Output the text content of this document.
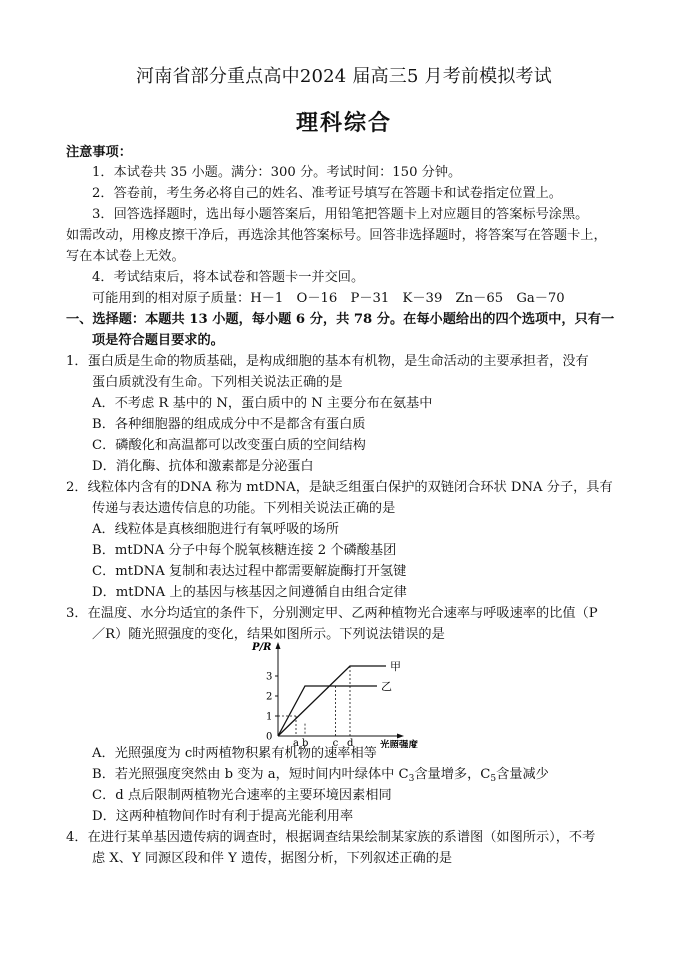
河南省部分重点高中2024 届高三5 月考前模拟考试
理科综合
注意事项：
1．本试卷共 35 小题。满分：300 分。考试时间：150 分钟。
2．答卷前，考生务必将自己的姓名、准考证号填写在答题卡和试卷指定位置上。
3．回答选择题时，选出每小题答案后，用铅笔把答题卡上对应题目的答案标号涂黑。
如需改动，用橡皮擦干净后，再选涂其他答案标号。回答非选择题时，将答案写在答题卡上，
写在本试卷上无效。
4．考试结束后，将本试卷和答题卡一并交回。
可能用到的相对原子质量：H－1　O－16　P－31　K－39　Zn－65　Ga－70
一、选择题：本题共 13 小题，每小题 6 分，共 78 分。在每小题给出的四个选项中，只有一
项是符合题目要求的。
1．蛋白质是生命的物质基础，是构成细胞的基本有机物，是生命活动的主要承担者，没有
蛋白质就没有生命。下列相关说法正确的是
A．不考虑 R 基中的 N，蛋白质中的 N 主要分布在氨基中
B．各种细胞器的组成成分中不是都含有蛋白质
C．磷酸化和高温都可以改变蛋白质的空间结构
D．消化酶、抗体和激素都是分泌蛋白
2．线粒体内含有的DNA 称为 mtDNA，是缺乏组蛋白保护的双链闭合环状 DNA 分子，具有
传递与表达遗传信息的功能。下列相关说法正确的是
A．线粒体是真核细胞进行有氧呼吸的场所
B．mtDNA 分子中每个脱氧核糖连接 2 个磷酸基团
C．mtDNA 复制和表达过程中都需要解旋酶打开氢键
D．mtDNA 上的基因与核基因之间遵循自由组合定律
3．在温度、水分均适宜的条件下，分别测定甲、乙两种植物光合速率与呼吸速率的比值（P
／R）随光照强度的变化，结果如图所示。下列说法错误的是
P/R
光照强度
0
1
2
3
a b c d
甲
乙
A．光照强度为 c时两植物积累有机物的速率相等
B．若光照强度突然由 b 变为 a，短时间内叶绿体中 $C_3$含量增多，$C_5$含量减少
C．d 点后限制两植物光合速率的主要环境因素相同
D．这两种植物间作时有利于提高光能利用率
4．在进行某单基因遗传病的调查时，根据调查结果绘制某家族的系谱图（如图所示），不考
虑 X、Y 同源区段和伴 Y 遗传，据图分析，下列叙述正确的是
